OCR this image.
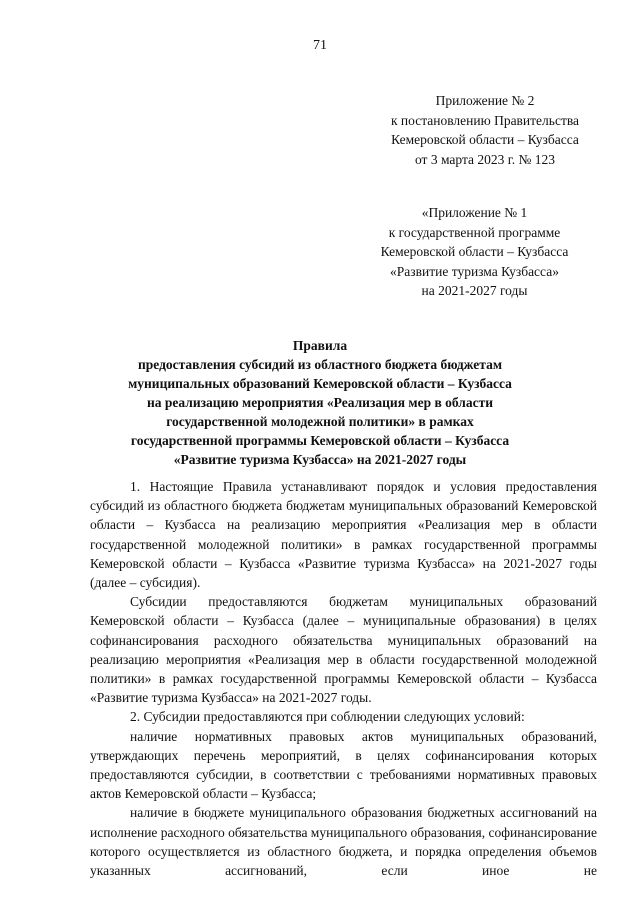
71
Приложение № 2
к постановлению Правительства
Кемеровской области – Кузбасса
от 3 марта 2023 г. № 123
«Приложение № 1
к государственной программе
Кемеровской области – Кузбасса
«Развитие туризма Кузбасса»
на 2021-2027 годы
Правила
предоставления субсидий из областного бюджета бюджетам
муниципальных образований Кемеровской области – Кузбасса
на реализацию мероприятия «Реализация мер в области
государственной молодежной политики» в рамках
государственной программы Кемеровской области – Кузбасса
«Развитие туризма Кузбасса» на 2021-2027 годы

1. Настоящие Правила устанавливают порядок и условия предоставления субсидий из областного бюджета бюджетам муниципальных образований Кемеровской области – Кузбасса на реализацию мероприятия «Реализация мер в области государственной молодежной политики» в рамках государственной программы Кемеровской области – Кузбасса «Развитие туризма Кузбасса» на 2021-2027 годы (далее – субсидия).

Субсидии предоставляются бюджетам муниципальных образований Кемеровской области – Кузбасса (далее – муниципальные образования) в целях софинансирования расходного обязательства муниципальных образований на реализацию мероприятия «Реализация мер в области государственной молодежной политики» в рамках государственной программы Кемеровской области – Кузбасса «Развитие туризма Кузбасса» на 2021-2027 годы.

2. Субсидии предоставляются при соблюдении следующих условий:

наличие нормативных правовых актов муниципальных образований, утверждающих перечень мероприятий, в целях софинансирования которых предоставляются субсидии, в соответствии с требованиями нормативных правовых актов Кемеровской области – Кузбасса;

наличие в бюджете муниципального образования бюджетных ассигнований на исполнение расходного обязательства муниципального образования, софинансирование которого осуществляется из областного бюджета, и порядка определения объемов указанных ассигнований, если иное не
